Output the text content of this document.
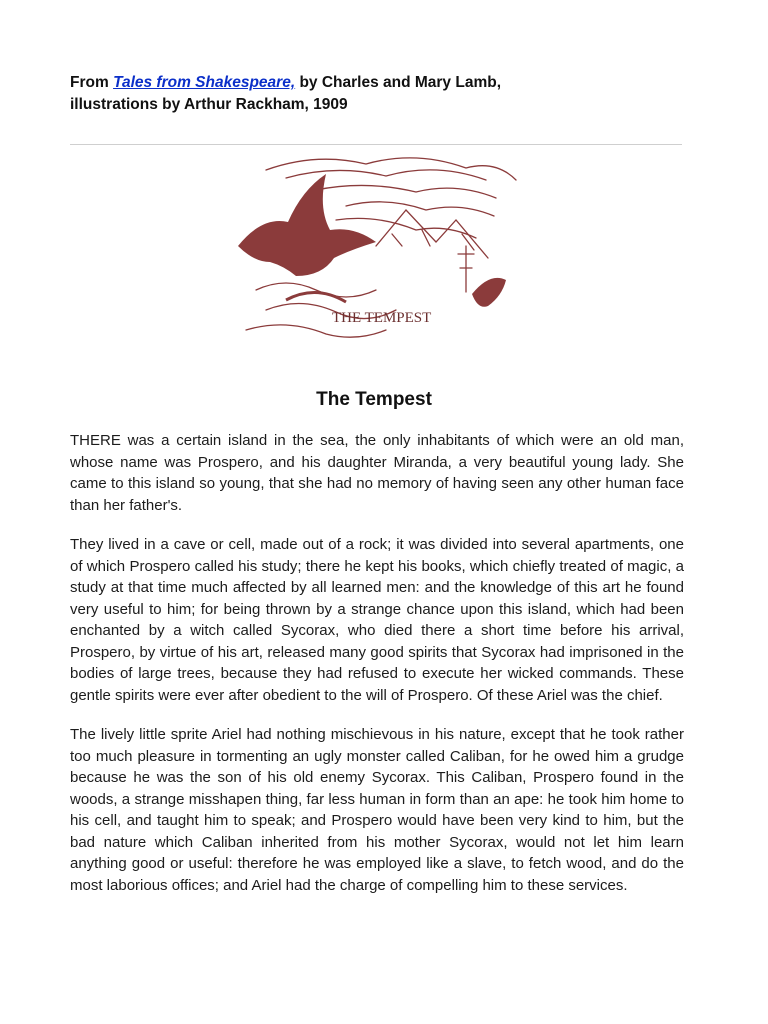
From Tales from Shakespeare, by Charles and Mary Lamb,
illustrations by Arthur Rackham, 1909
THE TEMPEST
The Tempest

THERE was a certain island in the sea, the only inhabitants of which were an old man, whose name was Prospero, and his daughter Miranda, a very beautiful young lady. She came to this island so young, that she had no memory of having seen any other human face than her father's.

They lived in a cave or cell, made out of a rock; it was divided into several apartments, one of which Prospero called his study; there he kept his books, which chiefly treated of magic, a study at that time much affected by all learned men: and the knowledge of this art he found very useful to him; for being thrown by a strange chance upon this island, which had been enchanted by a witch called Sycorax, who died there a short time before his arrival, Prospero, by virtue of his art, released many good spirits that Sycorax had imprisoned in the bodies of large trees, because they had refused to execute her wicked commands. These gentle spirits were ever after obedient to the will of Prospero. Of these Ariel was the chief.

The lively little sprite Ariel had nothing mischievous in his nature, except that he took rather too much pleasure in tormenting an ugly monster called Caliban, for he owed him a grudge because he was the son of his old enemy Sycorax. This Caliban, Prospero found in the woods, a strange misshapen thing, far less human in form than an ape: he took him home to his cell, and taught him to speak; and Prospero would have been very kind to him, but the bad nature which Caliban inherited from his mother Sycorax, would not let him learn anything good or useful: therefore he was employed like a slave, to fetch wood, and do the most laborious offices; and Ariel had the charge of compelling him to these services.
